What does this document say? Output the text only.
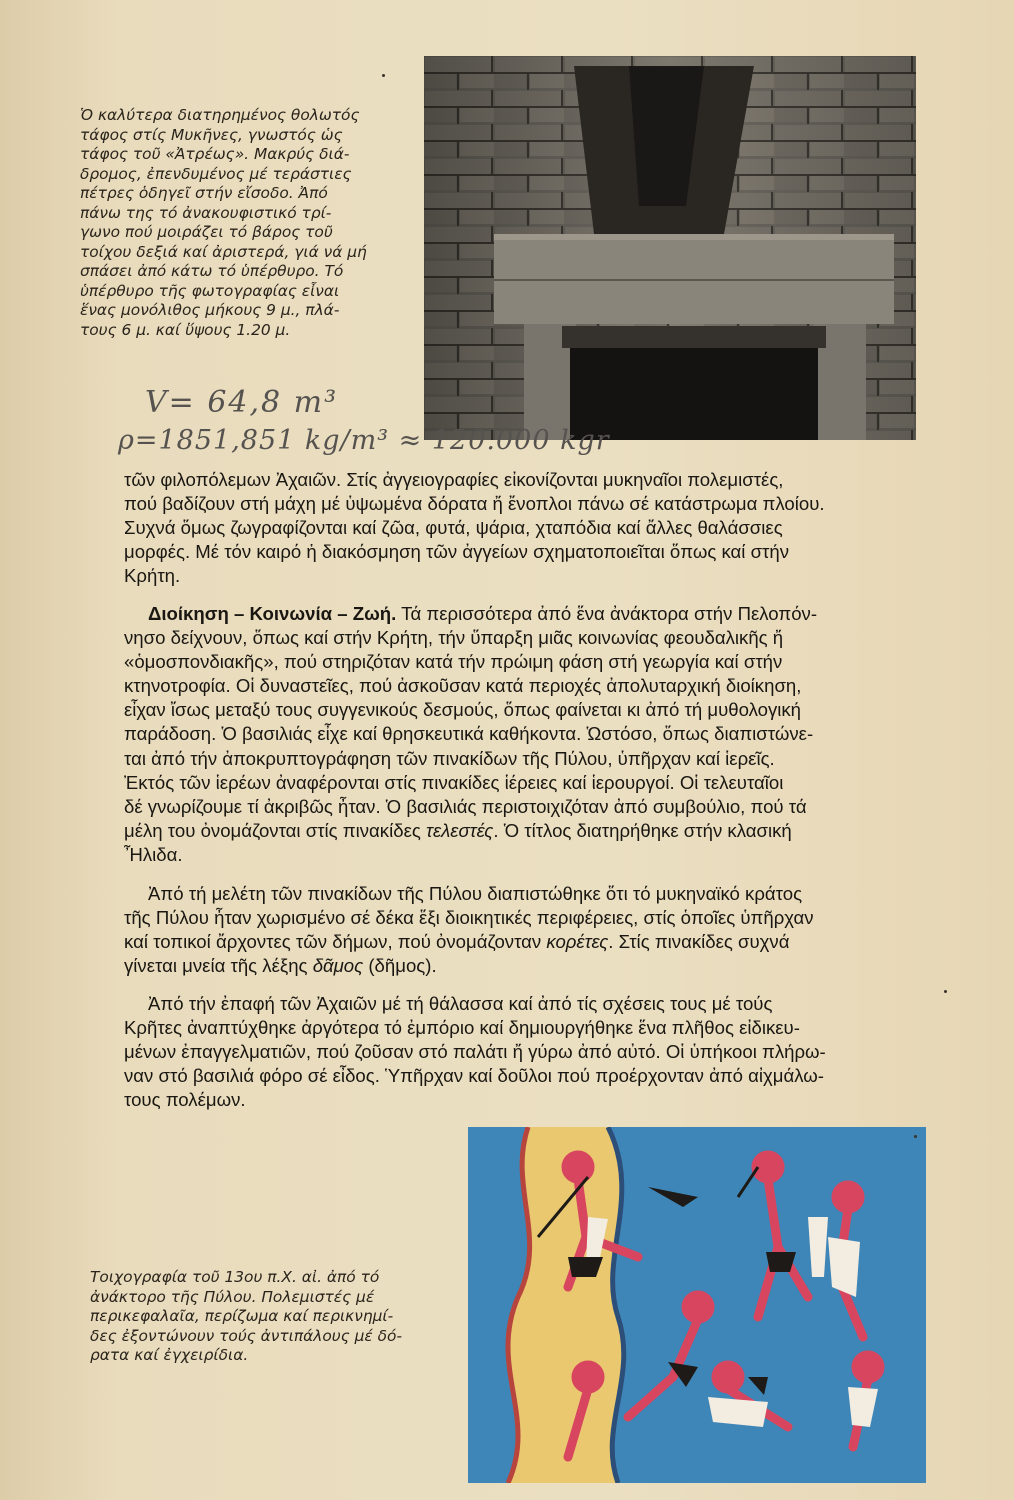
Ὁ καλύτερα διατηρημένος θολωτός
τάφος στίς Μυκῆνες, γνωστός ὡς
τάφος τοῦ «Ἀτρέως». Μακρύς διά-
δρομος, ἐπενδυμένος μέ τεράστιες
πέτρες ὁδηγεῖ στήν εἴσοδο. Ἀπό
πάνω της τό ἀνακουφιστικό τρί-
γωνο πού μοιράζει τό βάρος τοῦ
τοίχου δεξιά καί ἀριστερά, γιά νά μή
σπάσει ἀπό κάτω τό ὑπέρθυρο. Τό
ὑπέρθυρο τῆς φωτογραφίας εἶναι
ἕνας μονόλιθος μήκους 9 μ., πλά-
τους 6 μ. καί ὕψους 1.20 μ.
V= 64,8 m³
ρ=1851,851 kg/m³ ≈ 120.000 kgr
τῶν φιλοπόλεμων Ἀχαιῶν. Στίς ἀγγειογραφίες εἰκονίζονται μυκηναῖοι πολεμιστές,
πού βαδίζουν στή μάχη μέ ὑψωμένα δόρατα ἤ ἔνοπλοι πάνω σέ κατάστρωμα πλοίου.
Συχνά ὅμως ζωγραφίζονται καί ζῶα, φυτά, ψάρια, χταπόδια καί ἄλλες θαλάσσιες
μορφές. Μέ τόν καιρό ἡ διακόσμηση τῶν ἀγγείων σχηματοποιεῖται ὅπως καί στήν
Κρήτη.
Διοίκηση – Κοινωνία – Ζωή. Τά περισσότερα ἀπό ἕνα ἀνάκτορα στήν Πελοπόν-
νησο δείχνουν, ὅπως καί στήν Κρήτη, τήν ὕπαρξη μιᾶς κοινωνίας φεουδαλικῆς ἤ
«ὁμοσπονδιακῆς», πού στηριζόταν κατά τήν πρώιμη φάση στή γεωργία καί στήν
κτηνοτροφία. Οἱ δυναστεῖες, πού ἀσκοῦσαν κατά περιοχές ἀπολυταρχική διοίκηση,
εἶχαν ἴσως μεταξύ τους συγγενικούς δεσμούς, ὅπως φαίνεται κι ἀπό τή μυθολογική
παράδοση. Ὁ βασιλιάς εἶχε καί θρησκευτικά καθήκοντα. Ὡστόσο, ὅπως διαπιστώνε-
ται ἀπό τήν ἀποκρυπτογράφηση τῶν πινακίδων τῆς Πύλου, ὑπῆρχαν καί ἱερεῖς.
Ἐκτός τῶν ἱερέων ἀναφέρονται στίς πινακίδες ἱέρειες καί ἱερουργοί. Οἱ τελευταῖοι
δέ γνωρίζουμε τί ἀκριβῶς ἦταν. Ὁ βασιλιάς περιστοιχιζόταν ἀπό συμβούλιο, πού τά
μέλη του ὀνομάζονται στίς πινακίδες τελεστές. Ὁ τίτλος διατηρήθηκε στήν κλασική
Ἦλιδα.
Ἀπό τή μελέτη τῶν πινακίδων τῆς Πύλου διαπιστώθηκε ὅτι τό μυκηναϊκό κράτος
τῆς Πύλου ἦταν χωρισμένο σέ δέκα ἕξι διοικητικές περιφέρειες, στίς ὁποῖες ὑπῆρχαν
καί τοπικοί ἄρχοντες τῶν δήμων, πού ὀνομάζονταν κορέτες. Στίς πινακίδες συχνά
γίνεται μνεία τῆς λέξης δᾶμος (δῆμος).
Ἀπό τήν ἐπαφή τῶν Ἀχαιῶν μέ τή θάλασσα καί ἀπό τίς σχέσεις τους μέ τούς
Κρῆτες ἀναπτύχθηκε ἀργότερα τό ἐμπόριο καί δημιουργήθηκε ἕνα πλῆθος εἰδικευ-
μένων ἐπαγγελματιῶν, πού ζοῦσαν στό παλάτι ἤ γύρω ἀπό αὐτό. Οἱ ὑπήκοοι πλήρω-
ναν στό βασιλιά φόρο σέ εἶδος. Ὑπῆρχαν καί δοῦλοι πού προέρχονταν ἀπό αἰχμάλω-
τους πολέμων.
Τοιχογραφία τοῦ 13ου π.Χ. αἰ. ἀπό τό
ἀνάκτορο τῆς Πύλου. Πολεμιστές μέ
περικεφαλαῖα, περίζωμα καί περικνημί-
δες ἐξοντώνουν τούς ἀντιπάλους μέ δό-
ρατα καί ἐγχειρίδια.
